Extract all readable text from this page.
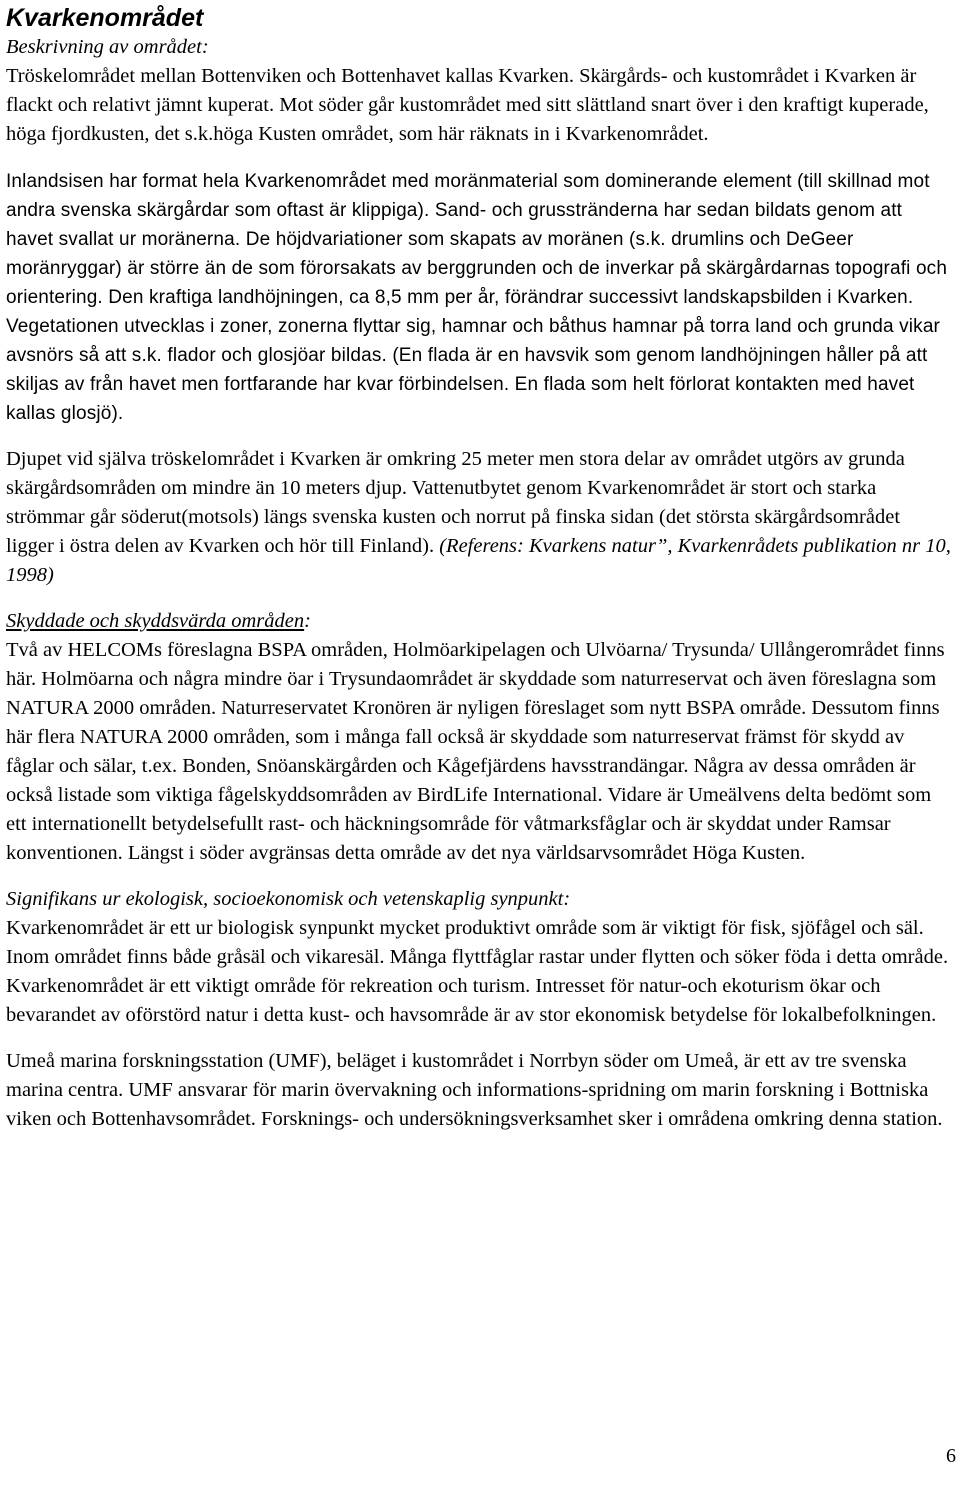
Kvarkenområdet

Beskrivning av området:

Tröskelområdet mellan Bottenviken och Bottenhavet kallas Kvarken. Skärgårds- och kustområdet i Kvarken är flackt och relativt jämnt kuperat. Mot söder går kustområdet med sitt slättland snart över i den kraftigt kuperade, höga fjordkusten, det s.k.höga Kusten området, som här räknats in i Kvarkenområdet.

Inlandsisen har format hela Kvarkenområdet med moränmaterial som dominerande element (till skillnad mot andra svenska skärgårdar som oftast är klippiga). Sand- och grusstränderna har sedan bildats genom att havet svallat ur moränerna. De höjdvariationer som skapats av moränen (s.k. drumlins och DeGeer moränryggar) är större än de som förorsakats av berggrunden och de inverkar på skärgårdarnas topografi och orientering. Den kraftiga landhöjningen, ca 8,5 mm per år, förändrar successivt landskapsbilden i Kvarken. Vegetationen utvecklas i zoner, zonerna flyttar sig, hamnar och båthus hamnar på torra land och grunda vikar avsnörs så att s.k. flador och glosjöar bildas. (En flada är en havsvik som genom landhöjningen håller på att skiljas av från havet men fortfarande har kvar förbindelsen. En flada som helt förlorat kontakten med havet kallas glosjö).

Djupet vid själva tröskelområdet i Kvarken är omkring 25 meter men stora delar av området utgörs av grunda skärgårdsområden om mindre än 10 meters djup. Vattenutbytet genom Kvarkenområdet är stort och starka strömmar går söderut(motsols) längs svenska kusten och norrut på finska sidan (det största skärgårdsområdet ligger i östra delen av Kvarken och hör till Finland). (Referens: Kvarkens natur”, Kvarkenrådets publikation nr 10, 1998)

Skyddade och skyddsvärda områden:

Två av HELCOMs föreslagna BSPA områden, Holmöarkipelagen och Ulvöarna/ Trysunda/ Ullångerområdet finns här. Holmöarna och några mindre öar i Trysundaområdet är skyddade som naturreservat och även föreslagna som NATURA 2000 områden. Naturreservatet Kronören är nyligen föreslaget som nytt BSPA område. Dessutom finns här flera NATURA 2000 områden, som i många fall också är skyddade som naturreservat främst för skydd av fåglar och sälar, t.ex. Bonden, Snöanskärgården och Kågefjärdens havsstrandängar. Några av dessa områden är också listade som viktiga fågelskyddsområden av BirdLife International. Vidare är Umeälvens delta bedömt som ett internationellt betydelsefullt rast- och häckningsområde för våtmarksfåglar och är skyddat under Ramsar konventionen. Längst i söder avgränsas detta område av det nya världsarvsområdet Höga Kusten.

Signifikans ur ekologisk, socioekonomisk och vetenskaplig synpunkt:

Kvarkenområdet är ett ur biologisk synpunkt mycket produktivt område som är viktigt för fisk, sjöfågel och säl. Inom området finns både gråsäl och vikaresäl. Många flyttfåglar rastar under flytten och söker föda i detta område. Kvarkenområdet är ett viktigt område för rekreation och turism. Intresset för natur-och ekoturism ökar och bevarandet av oförstörd natur i detta kust- och havsområde är av stor ekonomisk betydelse för lokalbefolkningen.

Umeå marina forskningsstation (UMF), beläget i kustområdet i Norrbyn söder om Umeå, är ett av tre svenska marina centra. UMF ansvarar för marin övervakning och informations-spridning om marin forskning i Bottniska viken och Bottenhavsområdet. Forsknings- och undersökningsverksamhet sker i områdena omkring denna station.

6
